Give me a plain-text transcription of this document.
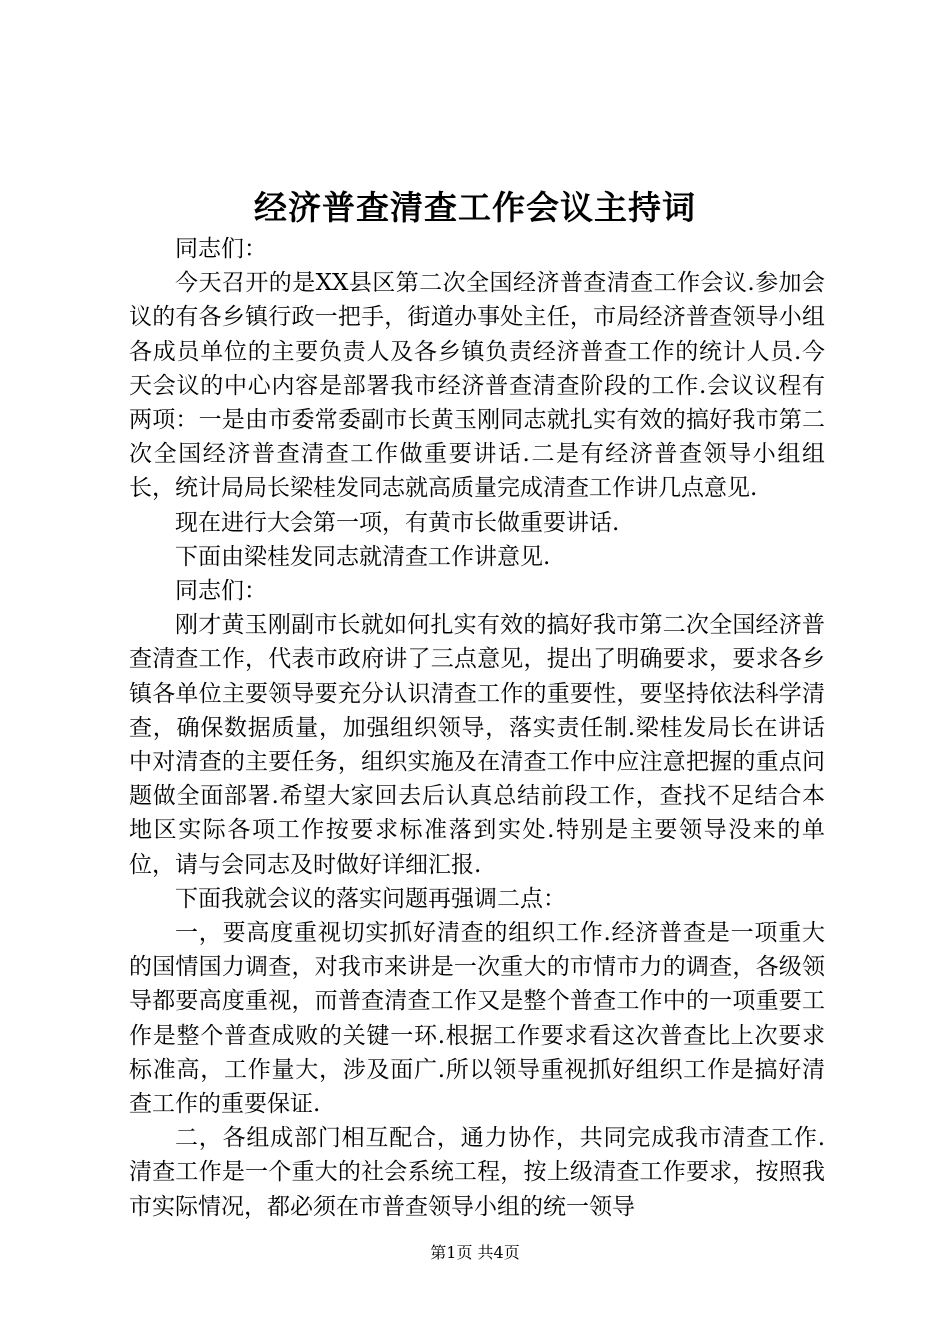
经济普查清查工作会议主持词

同志们：

今天召开的是XX县区第二次全国经济普查清查工作会议.参加会议的有各乡镇行政一把手，街道办事处主任，市局经济普查领导小组各成员单位的主要负责人及各乡镇负责经济普查工作的统计人员.今天会议的中心内容是部署我市经济普查清查阶段的工作.会议议程有两项：一是由市委常委副市长黄玉刚同志就扎实有效的搞好我市第二次全国经济普查清查工作做重要讲话.二是有经济普查领导小组组长，统计局局长梁桂发同志就高质量完成清查工作讲几点意见.

现在进行大会第一项，有黄市长做重要讲话.

下面由梁桂发同志就清查工作讲意见.

同志们：

刚才黄玉刚副市长就如何扎实有效的搞好我市第二次全国经济普查清查工作，代表市政府讲了三点意见，提出了明确要求，要求各乡镇各单位主要领导要充分认识清查工作的重要性，要坚持依法科学清查，确保数据质量，加强组织领导，落实责任制.梁桂发局长在讲话中对清查的主要任务，组织实施及在清查工作中应注意把握的重点问题做全面部署.希望大家回去后认真总结前段工作，查找不足结合本地区实际各项工作按要求标准落到实处.特别是主要领导没来的单位，请与会同志及时做好详细汇报.

下面我就会议的落实问题再强调二点：

一，要高度重视切实抓好清查的组织工作.经济普查是一项重大的国情国力调查，对我市来讲是一次重大的市情市力的调查，各级领导都要高度重视，而普查清查工作又是整个普查工作中的一项重要工作是整个普查成败的关键一环.根据工作要求看这次普查比上次要求标准高，工作量大，涉及面广.所以领导重视抓好组织工作是搞好清查工作的重要保证.

二，各组成部门相互配合，通力协作，共同完成我市清查工作.清查工作是一个重大的社会系统工程，按上级清查工作要求，按照我市实际情况，都必须在市普查领导小组的统一领导

第1页 共4页
